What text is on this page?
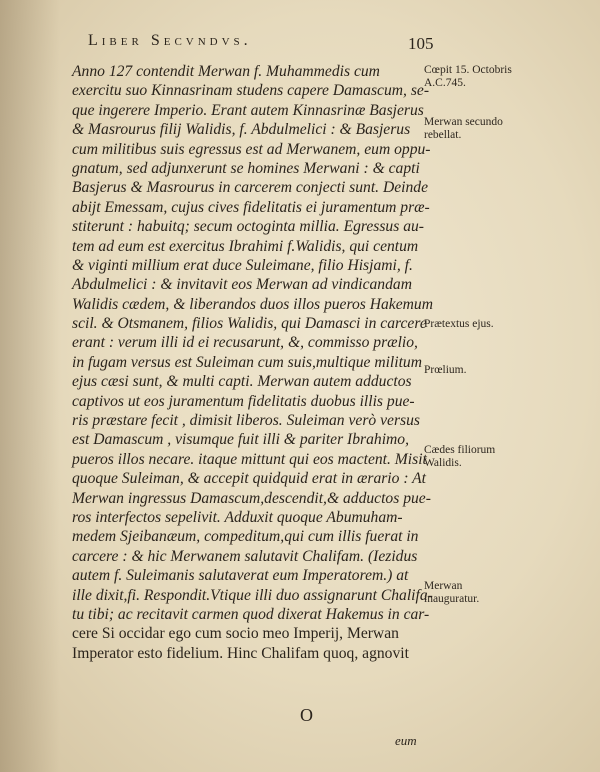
Liber Secvndvs.	105
Anno 127 contendit Merwan f. Muhammedis cum
exercitu suo Kinnasrinam studens capere Damascum, se-
que ingerere Imperio. Erant autem Kinnasrinæ Basjerus
& Masrourus filij Walidis, f. Abdulmelici : & Basjerus
cum militibus suis egressus est ad Merwanem, eum oppu-
gnatum, sed adjunxerunt se homines Merwani : & capti
Basjerus & Masrourus in carcerem conjecti sunt. Deinde
abijt Emessam, cujus cives fidelitatis ei juramentum præ-
stiterunt : habuitq; secum octoginta millia. Egressus au-
tem ad eum est exercitus Ibrahimi f.Walidis, qui centum
& viginti millium erat duce Suleimane, filio Hisjami, f.
Abdulmelici : & invitavit eos Merwan ad vindicandam
Walidis cædem, & liberandos duos illos pueros Hakemum
scil. & Otsmanem, filios Walidis, qui Damasci in carcere
erant : verum illi id ei recusarunt, &, commisso prælio,
in fugam versus est Suleiman cum suis,multique militum
ejus cæsi sunt, & multi capti. Merwan autem adductos
captivos ut eos juramentum fidelitatis duobus illis pue-
ris præstare fecit , dimisit liberos. Suleiman verò versus
est Damascum , visumque fuit illi & pariter Ibrahimo,
pueros illos necare. itaque mittunt qui eos mactent. Misit
quoque Suleiman, & accepit quidquid erat in ærario : At
Merwan ingressus Damascum,descendit,& adductos pue-
ros interfectos sepelivit. Adduxit quoque Abumuham-
medem Sjeibanæum, compeditum,qui cum illis fuerat in
carcere : & hic Merwanem salutavit Chalifam. (Iezidus
autem f. Suleimanis salutaverat eum Imperatorem.) at
ille dixit,fi. Respondit.Vtique illi duo assignarunt Chalifa-
tu tibi; ac recitavit carmen quod dixerat Hakemus in car-
cere Si occidar ego cum socio meo Imperij, Merwan
Imperator esto fidelium. Hinc Chalifam quoq, agnovit
Cœpit 15. Octobris A.C.745.
Merwan secundo rebellat.
Prætextus ejus.
Prœlium.
Cædes filiorum Walidis.
Merwan inauguratur.
O
eum
